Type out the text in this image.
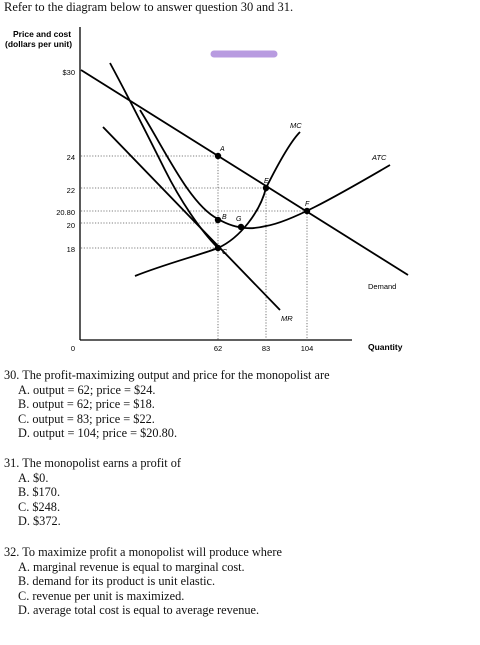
Refer to the diagram below to answer question 30 and 31.
Price and cost
(dollars per unit)
Quantity
$30
24
22
20.80
20
18
0	62	83	104
A
B
C
E
G
F
MC
ATC
Demand
MR
30. The profit-maximizing output and price for the monopolist are
A. output = 62; price = $24.
B. output = 62; price = $18.
C. output = 83; price = $22.
D. output = 104; price = $20.80.
31. The monopolist earns a profit of
A. $0.
B. $170.
C. $248.
D. $372.
32. To maximize profit a monopolist will produce where
A. marginal revenue is equal to marginal cost.
B. demand for its product is unit elastic.
C. revenue per unit is maximized.
D. average total cost is equal to average revenue.
